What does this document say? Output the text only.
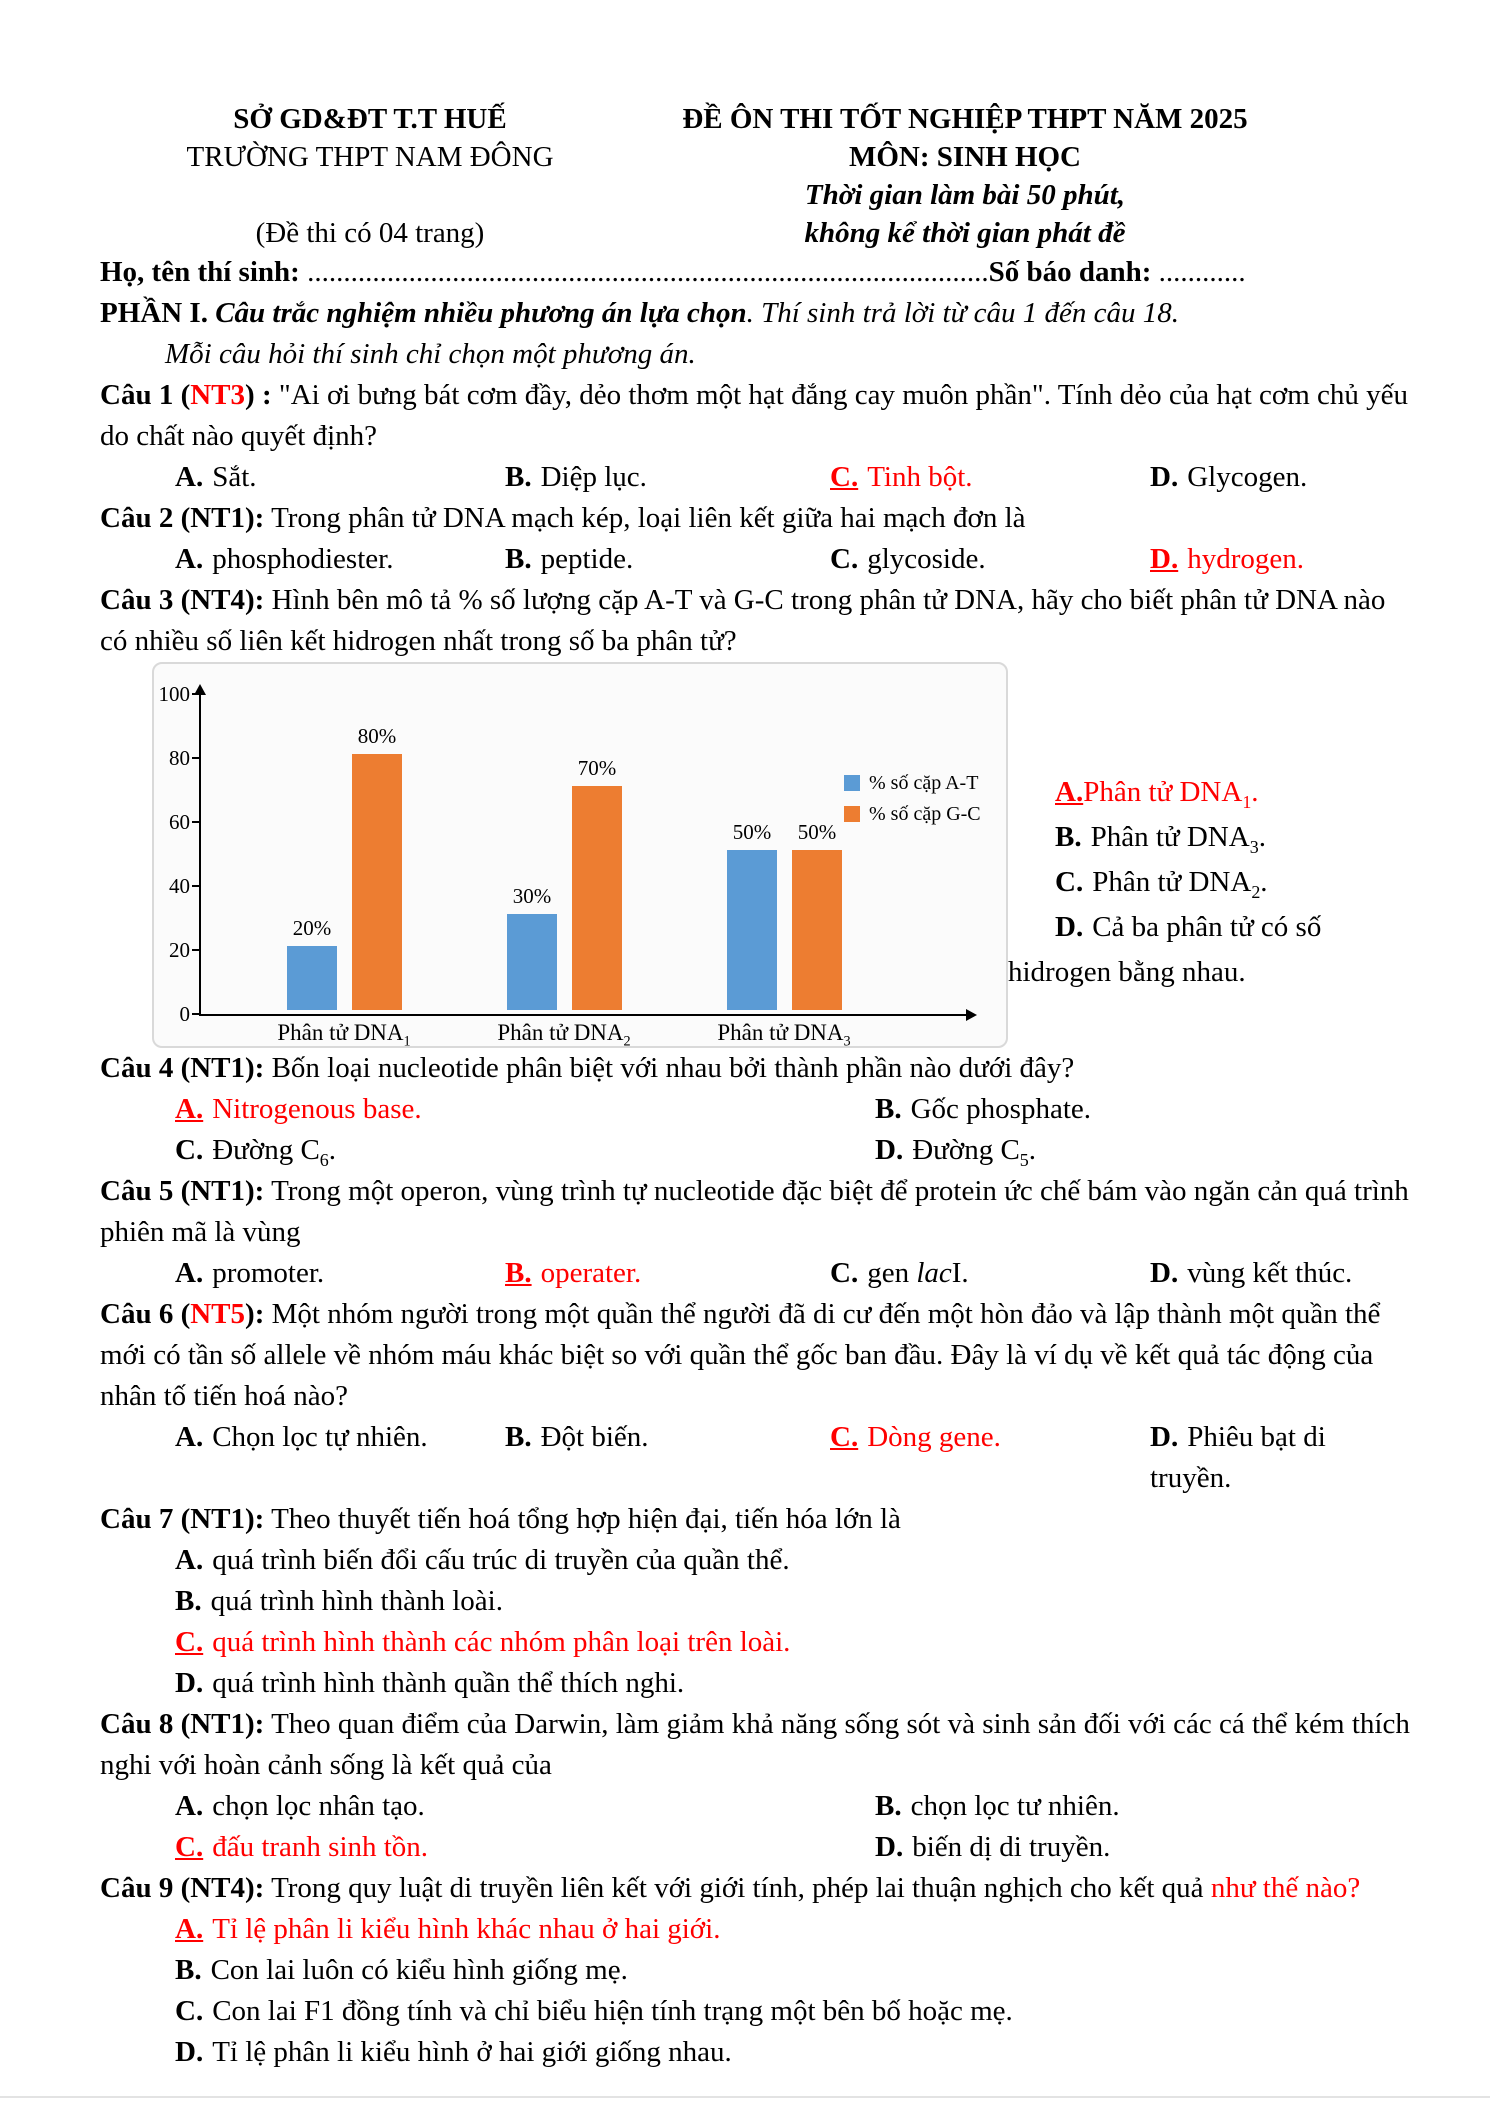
SỞ GD&ĐT T.T HUẾ
TRƯỜNG THPT NAM ĐÔNG
(Đề thi có 04 trang)
ĐỀ ÔN THI TỐT NGHIỆP THPT NĂM 2025
MÔN: SINH HỌC
Thời gian làm bài 50 phút,
không kể thời gian phát đề
Họ, tên thí sinh: ..............................................................................................Số báo danh: ............
PHẦN I. Câu trắc nghiệm nhiều phương án lựa chọn. Thí sinh trả lời từ câu 1 đến câu 18.
Mỗi câu hỏi thí sinh chỉ chọn một phương án.

Câu 1 (NT3) : "Ai ơi bưng bát cơm đầy, dẻo thơm một hạt đắng cay muôn phần". Tính dẻo của hạt cơm chủ yếu do chất nào quyết định?

A. Sắt.	B. Diệp lục.	C. Tinh bột.	D. Glycogen.

Câu 2 (NT1): Trong phân tử DNA mạch kép, loại liên kết giữa hai mạch đơn là

A. phosphodiester.	B. peptide.	C. glycoside.	D. hydrogen.

Câu 3 (NT4): Hình bên mô tả % số lượng cặp A-T và G-C trong phân tử DNA, hãy cho biết phân tử DNA nào có nhiều số liên kết hidrogen nhất trong số ba phân tử?

0
20
40
60
80
100
20%
80%
Phân tử $DNA_1$
30%
70%
Phân tử $DNA_2$
50%	50%
Phân tử $DNA_3$
% số cặp A-T
% số cặp G-C
A.Phân tử $DNA_1$.
B. Phân tử $DNA_3$.
C. Phân tử $DNA_2$.
D. Cả ba phân tử có số hidrogen bằng nhau.

Câu 4 (NT1): Bốn loại nucleotide phân biệt với nhau bởi thành phần nào dưới đây?

A. Nitrogenous base.	B. Gốc phosphate.
C. Đường $C_6$.	D. Đường $C_5$.

Câu 5 (NT1): Trong một operon, vùng trình tự nucleotide đặc biệt để protein ức chế bám vào ngăn cản quá trình phiên mã là vùng

A. promoter.	B. operater.	C. gen lacI.	D. vùng kết thúc.

Câu 6 (NT5): Một nhóm người trong một quần thể người đã di cư đến một hòn đảo và lập thành một quần thể mới có tần số allele về nhóm máu khác biệt so với quần thể gốc ban đầu. Đây là ví dụ về kết quả tác động của nhân tố tiến hoá nào?

A. Chọn lọc tự nhiên.	B. Đột biến.	C. Dòng gene.	D. Phiêu bạt di truyền.

Câu 7 (NT1): Theo thuyết tiến hoá tổng hợp hiện đại, tiến hóa lớn là

A. quá trình biến đổi cấu trúc di truyền của quần thể.
B. quá trình hình thành loài.
C. quá trình hình thành các nhóm phân loại trên loài.
D. quá trình hình thành quần thể thích nghi.

Câu 8 (NT1): Theo quan điểm của Darwin, làm giảm khả năng sống sót và sinh sản đối với các cá thể kém thích nghi với hoàn cảnh sống là kết quả của

A. chọn lọc nhân tạo.	B. chọn lọc tư nhiên.
C. đấu tranh sinh tồn.	D. biến dị di truyền.

Câu 9 (NT4): Trong quy luật di truyền liên kết với giới tính, phép lai thuận nghịch cho kết quả như thế nào?

A. Tỉ lệ phân li kiểu hình khác nhau ở hai giới.
B. Con lai luôn có kiểu hình giống mẹ.
C. Con lai F1 đồng tính và chỉ biểu hiện tính trạng một bên bố hoặc mẹ.
D. Tỉ lệ phân li kiểu hình ở hai giới giống nhau.
